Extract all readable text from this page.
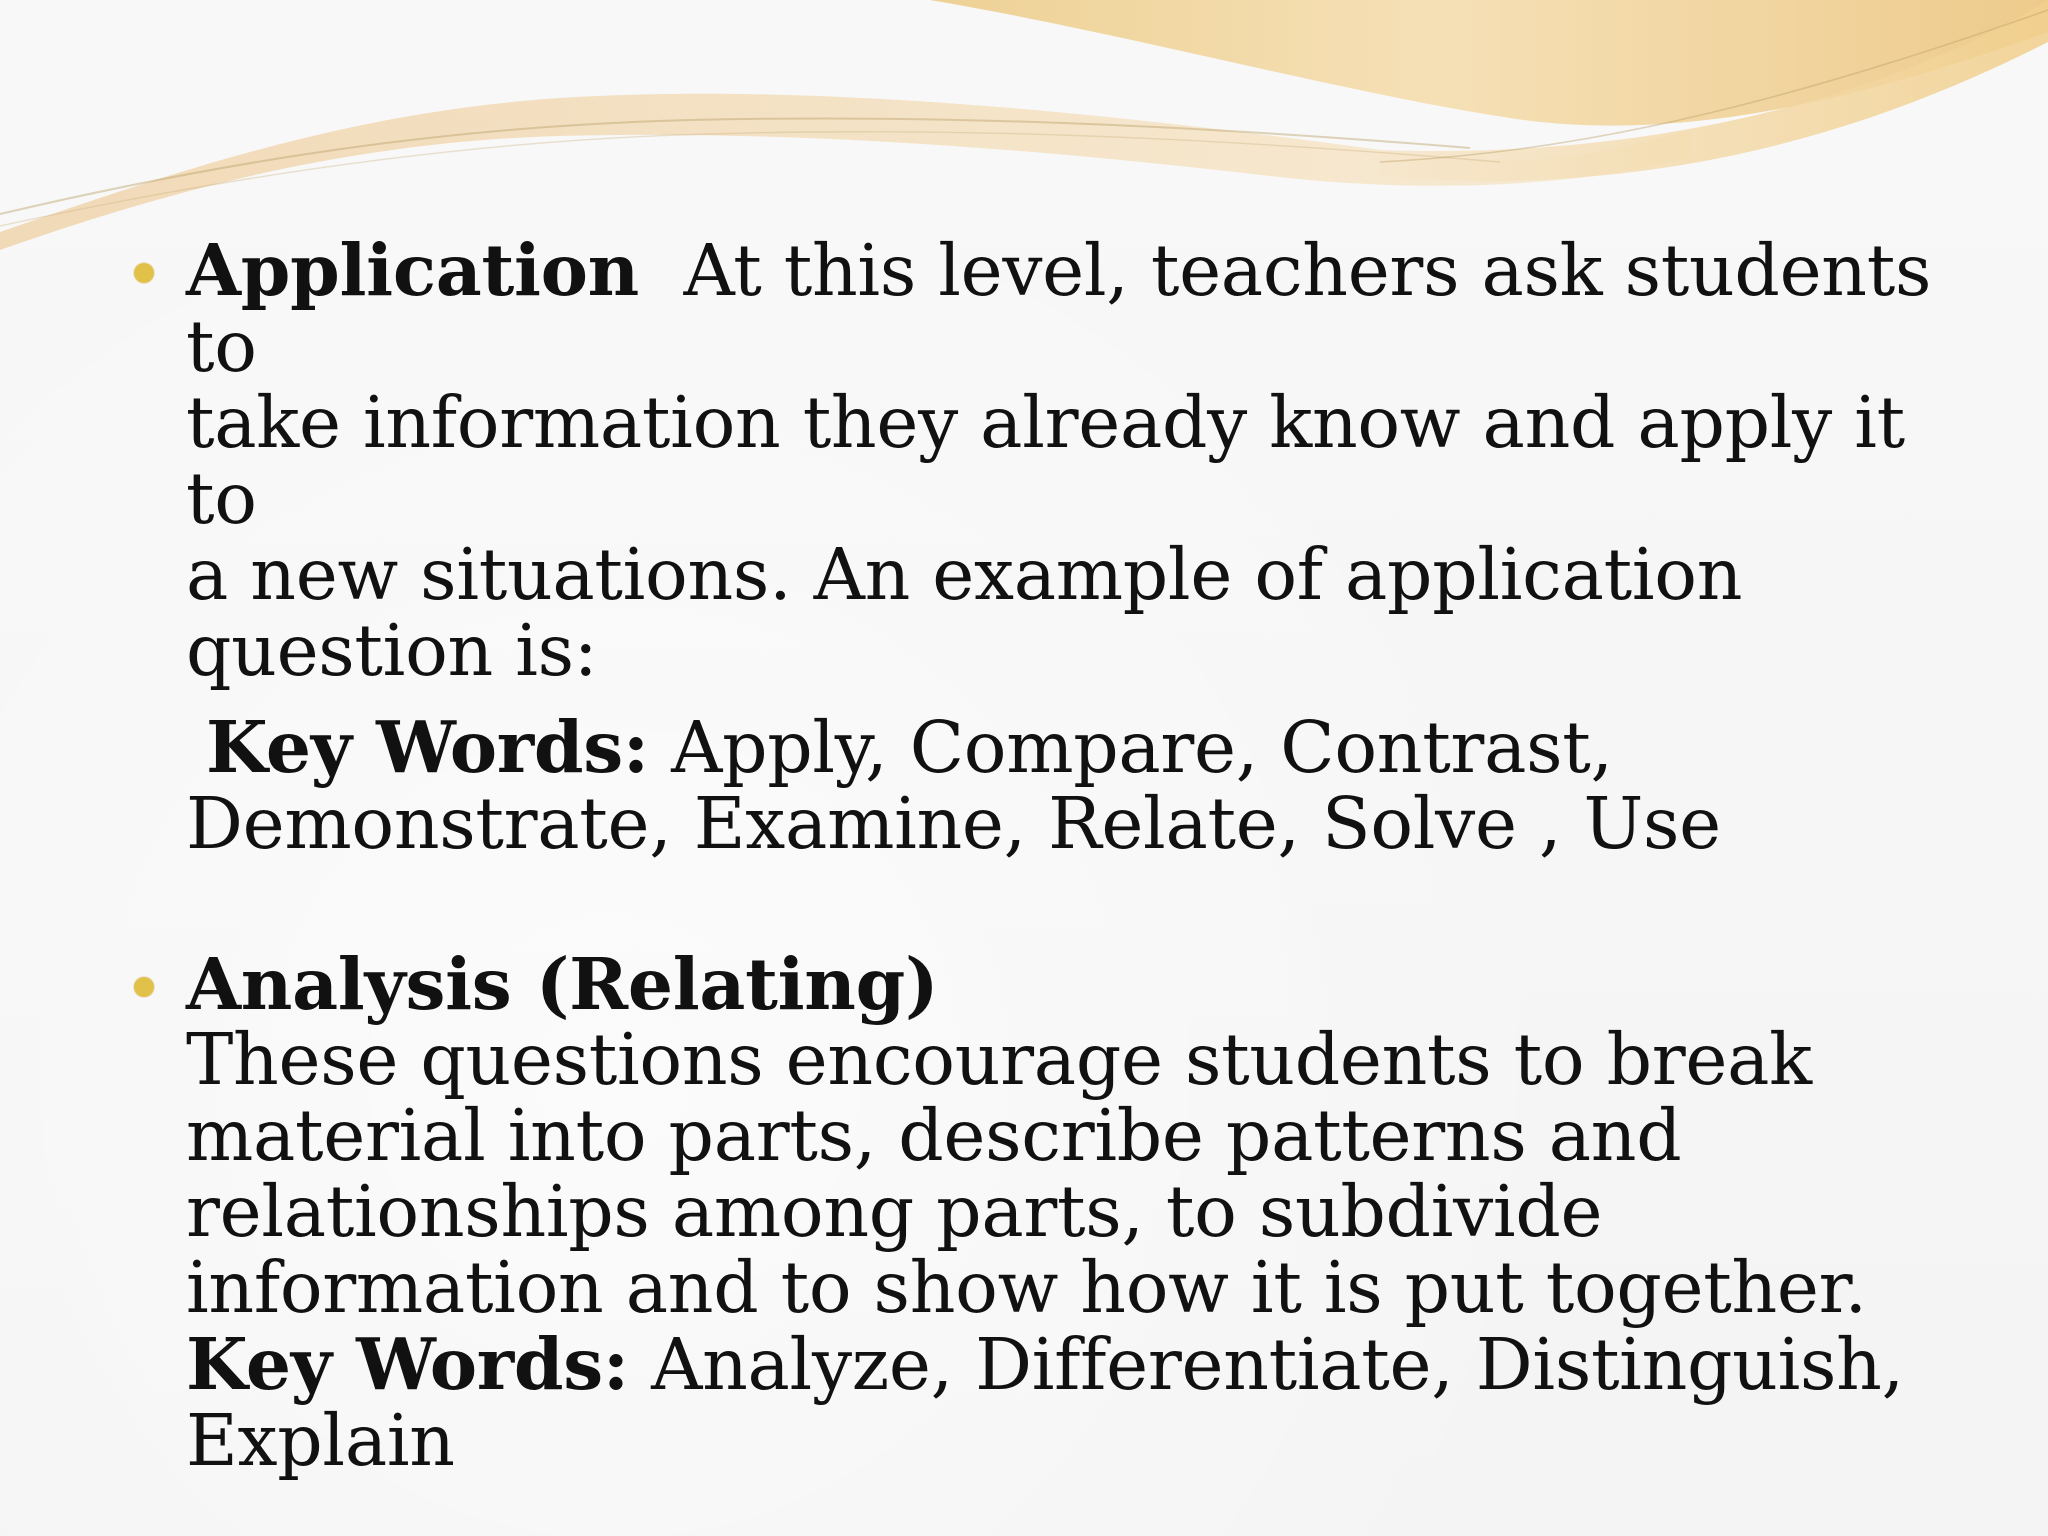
Application At this level, teachers ask students to
take information they already know and apply it to
a new situations. An example of application
question is:
Key Words: Apply, Compare, Contrast,
Demonstrate, Examine, Relate, Solve , Use
Analysis (Relating)
These questions encourage students to break
material into parts, describe patterns and
relationships among parts, to subdivide
information and to show how it is put together.
Key Words: Analyze, Differentiate, Distinguish,
Explain
